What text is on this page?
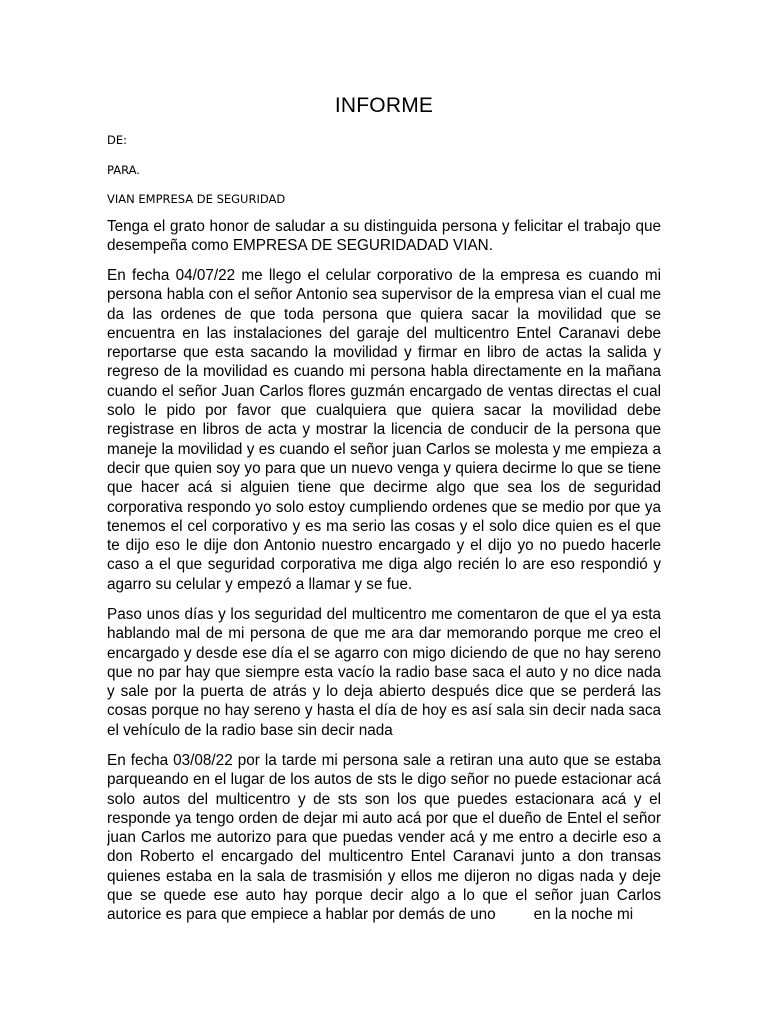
INFORME
DE:
PARA.
VIAN EMPRESA DE SEGURIDAD
Tenga el grato honor de saludar a su distinguida persona y felicitar el trabajo que desempeña como EMPRESA DE SEGURIDADAD VIAN.
En fecha 04/07/22 me llego el celular corporativo de la empresa es cuando mi persona habla con el señor Antonio sea supervisor de la empresa vian el cual me da las ordenes de que toda persona que quiera sacar la movilidad que se encuentra en las instalaciones del garaje del multicentro Entel Caranavi debe reportarse que esta sacando la movilidad y firmar en libro de actas la salida y regreso de la movilidad es cuando mi persona habla directamente en la mañana cuando el señor Juan Carlos flores guzmán encargado de ventas directas el cual solo le pido por favor que cualquiera que quiera sacar la movilidad debe registrase en libros de acta y mostrar la licencia de conducir de la persona que maneje la movilidad y es cuando el señor juan Carlos se molesta y me empieza a decir que quien soy yo para que un nuevo venga y quiera decirme lo que se tiene que hacer acá si alguien tiene que decirme algo que sea los de seguridad corporativa respondo yo solo estoy cumpliendo ordenes que se medio por que ya tenemos el cel corporativo y es ma serio las cosas y el solo dice quien es el que te dijo eso le dije don Antonio nuestro encargado y el dijo yo no puedo hacerle caso a el que seguridad corporativa me diga algo recién lo are eso respondió y agarro su celular y empezó a llamar y se fue.
Paso unos días y los seguridad del multicentro me comentaron de que el ya esta hablando mal de mi persona de que me ara dar memorando porque me creo el encargado y desde ese día el se agarro con migo diciendo de que no hay sereno que no par hay que siempre esta vacío la radio base saca el auto y no dice nada y sale por la puerta de atrás y lo deja abierto después dice que se perderá las cosas porque no hay sereno y hasta el día de hoy es así sala sin decir nada saca el vehículo de la radio base sin decir nada
En fecha 03/08/22 por la tarde mi persona sale a retiran una auto que se estaba parqueando en el lugar de los autos de sts le digo señor no puede estacionar acá solo autos del multicentro y de sts son los que puedes estacionara acá y el responde ya tengo orden de dejar mi auto acá por que el dueño de Entel el señor juan Carlos me autorizo para que puedas vender acá y me entro a decirle eso a don Roberto el encargado del multicentro Entel Caranavi junto a don transas quienes estaba en la sala de trasmisión y ellos me dijeron no digas nada y deje que se quede ese auto hay porque decir algo a lo que el señor juan Carlos autorice es para que empiece a hablar por demás de uno en la noche mi
